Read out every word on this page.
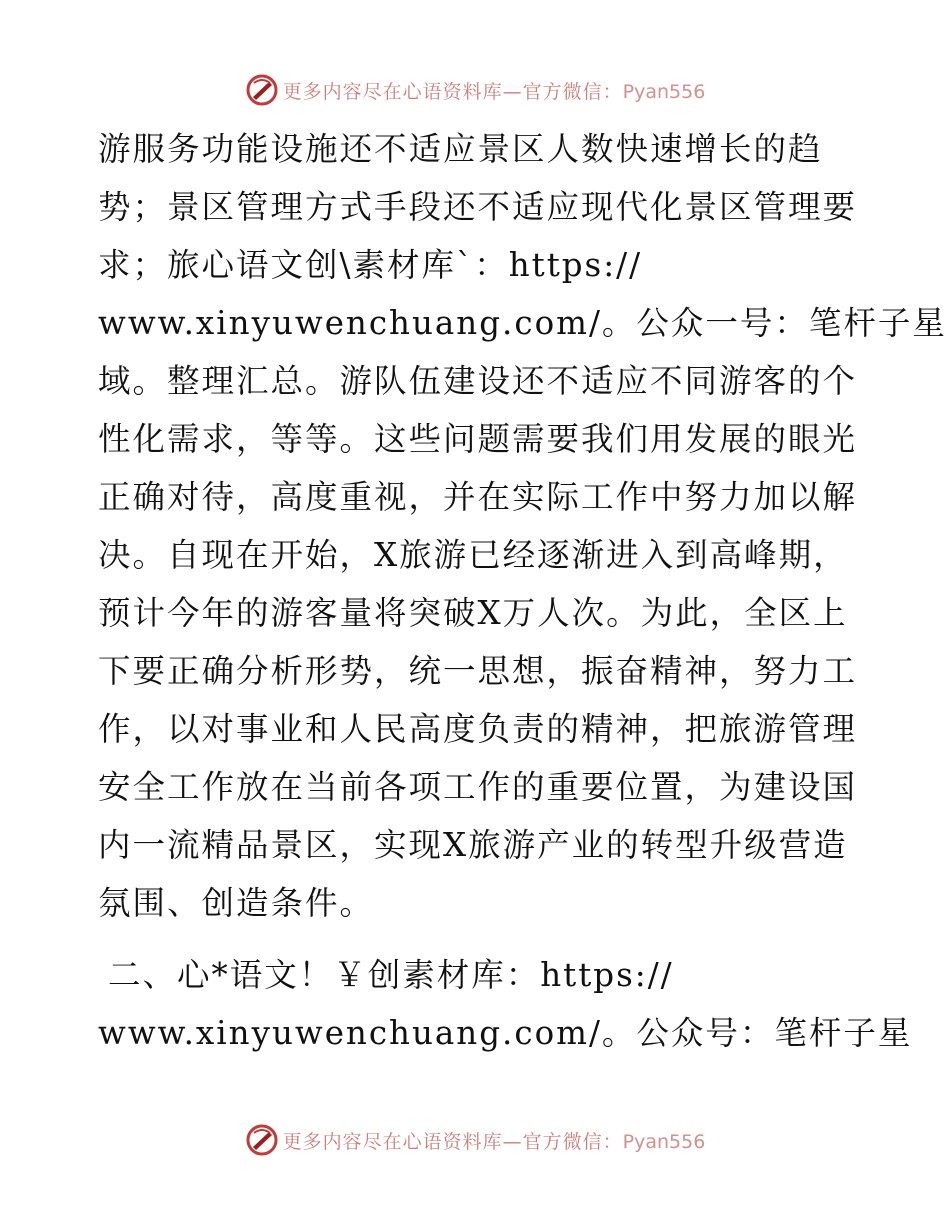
更多内容尽在心语资料库—官方微信：Pyan556
游服务功能设施还不适应景区人数快速增长的趋
势；景区管理方式手段还不适应现代化景区管理要
求；旅心语文创\素材库`：https://
www.xinyuwenchuang.com/。公众一号：笔杆子星
域。整理汇总。游队伍建设还不适应不同游客的个
性化需求，等等。这些问题需要我们用发展的眼光
正确对待，高度重视，并在实际工作中努力加以解
决。自现在开始，X旅游已经逐渐进入到高峰期，
预计今年的游客量将突破X万人次。为此，全区上
下要正确分析形势，统一思想，振奋精神，努力工
作，以对事业和人民高度负责的精神，把旅游管理
安全工作放在当前各项工作的重要位置，为建设国
内一流精品景区，实现X旅游产业的转型升级营造
氛围、创造条件。
二、心*语文！￥创素材库：https://
www.xinyuwenchuang.com/。公众号：笔杆子星
更多内容尽在心语资料库—官方微信：Pyan556
